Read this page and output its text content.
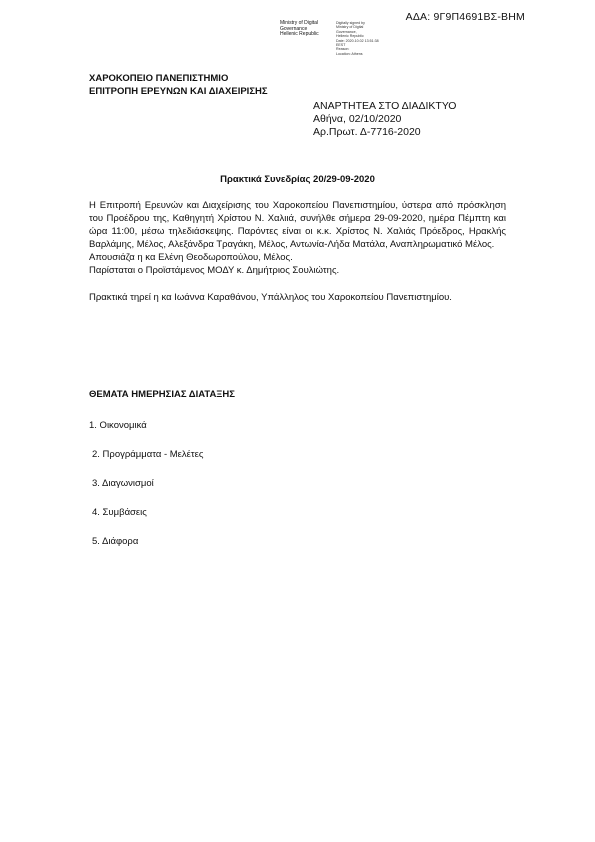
ΑΔΑ: 9Γ9Π4691ΒΣ-ΒΗΜ
Ministry of Digital
Governance
Hellenic Republic
Digitally signed by
Ministry of Digital
Governance,
Hellenic Republic
Date: 2020.10.02 13:51:38
EEST
Reason:
Location: Athens
ΧΑΡΟΚΟΠΕΙΟ ΠΑΝΕΠΙΣΤΗΜΙΟ
ΕΠΙΤΡΟΠΗ ΕΡΕΥΝΩΝ ΚΑΙ ΔΙΑΧΕΙΡΙΣΗΣ
ΑΝΑΡΤΗΤΕΑ ΣΤΟ ΔΙΑΔΙΚΤΥΟ
Αθήνα, 02/10/2020
Αρ.Πρωτ. Δ-7716-2020
Πρακτικά Συνεδρίας 20/29-09-2020

Η Επιτροπή Ερευνών και Διαχείρισης του Χαροκοπείου Πανεπιστημίου, ύστερα από πρόσκληση του Προέδρου της, Καθηγητή Χρίστου Ν. Χαλιιά, συνήλθε σήμερα 29-09-2020, ημέρα Πέμπτη και ώρα 11:00, μέσω τηλεδιάσκεψης. Παρόντες είναι οι κ.κ. Χρίστος Ν. Χαλιάς Πρόεδρος, Ηρακλής Βαρλάμης, Μέλος, Αλεξάνδρα Τραγάκη, Μέλος, Αντωνία-Λήδα Ματάλα, Αναπληρωματικό Μέλος.

Απουσιάζα η κα Ελένη Θεοδωροπούλου, Μέλος.

Παρίσταται ο Προϊστάμενος ΜΟΔΥ κ. Δημήτριος Σουλιώτης.

Πρακτικά τηρεί η κα Ιωάννα Καραθάνου, Υπάλληλος του Χαροκοπείου Πανεπιστημίου.

ΘΕΜΑΤΑ ΗΜΕΡΗΣΙΑΣ ΔΙΑΤΑΞΗΣ
1. Οικονομικά
2. Προγράμματα - Μελέτες
3. Διαγωνισμοί
4. Συμβάσεις
5. Διάφορα
